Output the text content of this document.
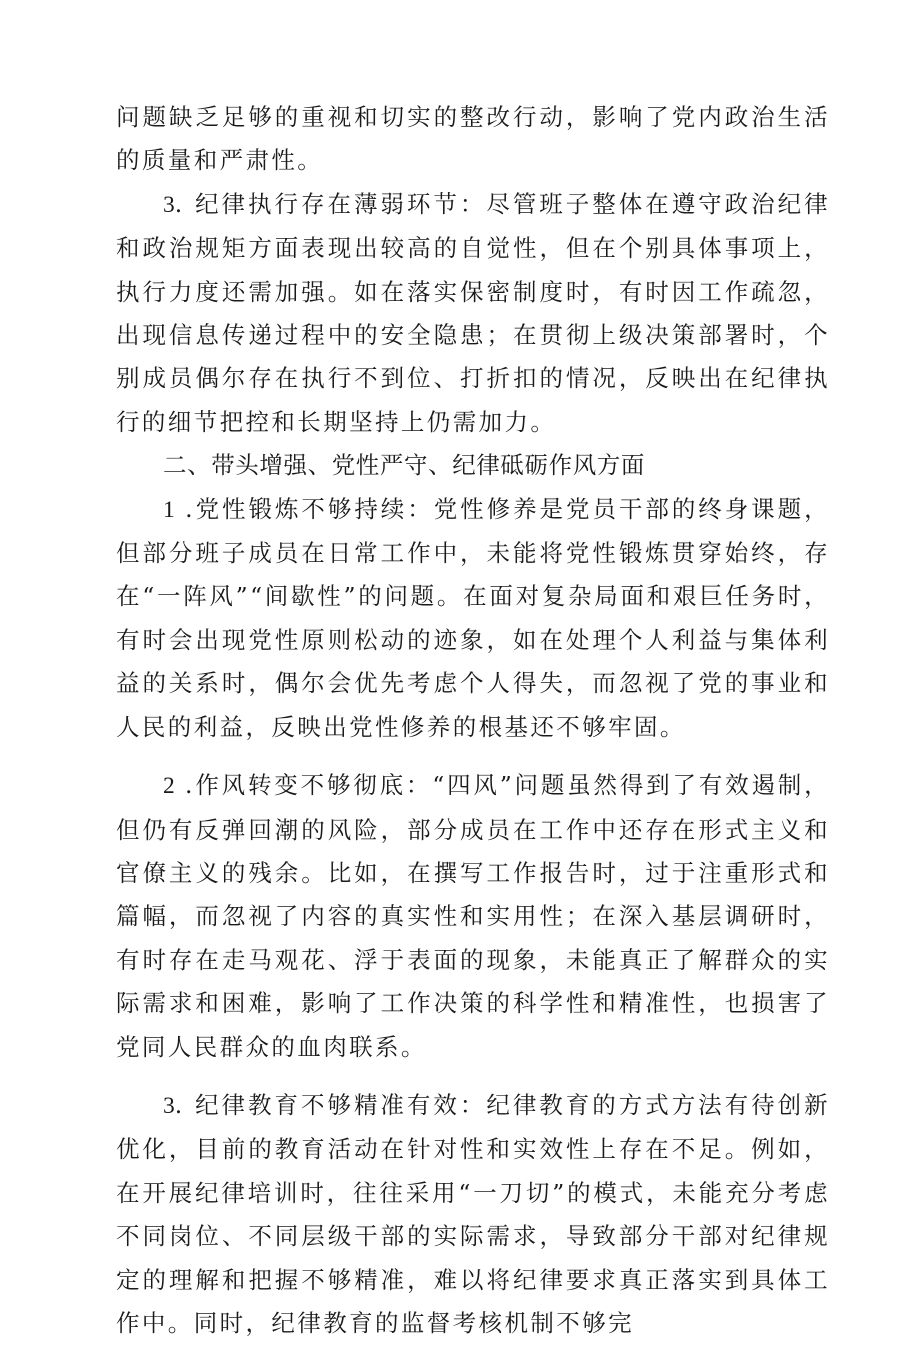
问题缺乏足够的重视和切实的整改行动，影响了党内政治生活的质量和严肃性。

3. 纪律执行存在薄弱环节：尽管班子整体在遵守政治纪律和政治规矩方面表现出较高的自觉性，但在个别具体事项上，执行力度还需加强。如在落实保密制度时，有时因工作疏忽，出现信息传递过程中的安全隐患；在贯彻上级决策部署时，个别成员偶尔存在执行不到位、打折扣的情况，反映出在纪律执行的细节把控和长期坚持上仍需加力。

二、带头增强、党性严守、纪律砥砺作风方面

1 .党性锻炼不够持续：党性修养是党员干部的终身课题，但部分班子成员在日常工作中，未能将党性锻炼贯穿始终，存在“一阵风”“间歇性”的问题。在面对复杂局面和艰巨任务时，有时会出现党性原则松动的迹象，如在处理个人利益与集体利益的关系时，偶尔会优先考虑个人得失，而忽视了党的事业和人民的利益，反映出党性修养的根基还不够牢固。

2 .作风转变不够彻底：“四风”问题虽然得到了有效遏制，但仍有反弹回潮的风险，部分成员在工作中还存在形式主义和官僚主义的残余。比如，在撰写工作报告时，过于注重形式和篇幅，而忽视了内容的真实性和实用性；在深入基层调研时，有时存在走马观花、浮于表面的现象，未能真正了解群众的实际需求和困难，影响了工作决策的科学性和精准性，也损害了党同人民群众的血肉联系。

3. 纪律教育不够精准有效：纪律教育的方式方法有待创新优化，目前的教育活动在针对性和实效性上存在不足。例如，在开展纪律培训时，往往采用“一刀切”的模式，未能充分考虑不同岗位、不同层级干部的实际需求，导致部分干部对纪律规定的理解和把握不够精准，难以将纪律要求真正落实到具体工作中。同时，纪律教育的监督考核机制不够完
